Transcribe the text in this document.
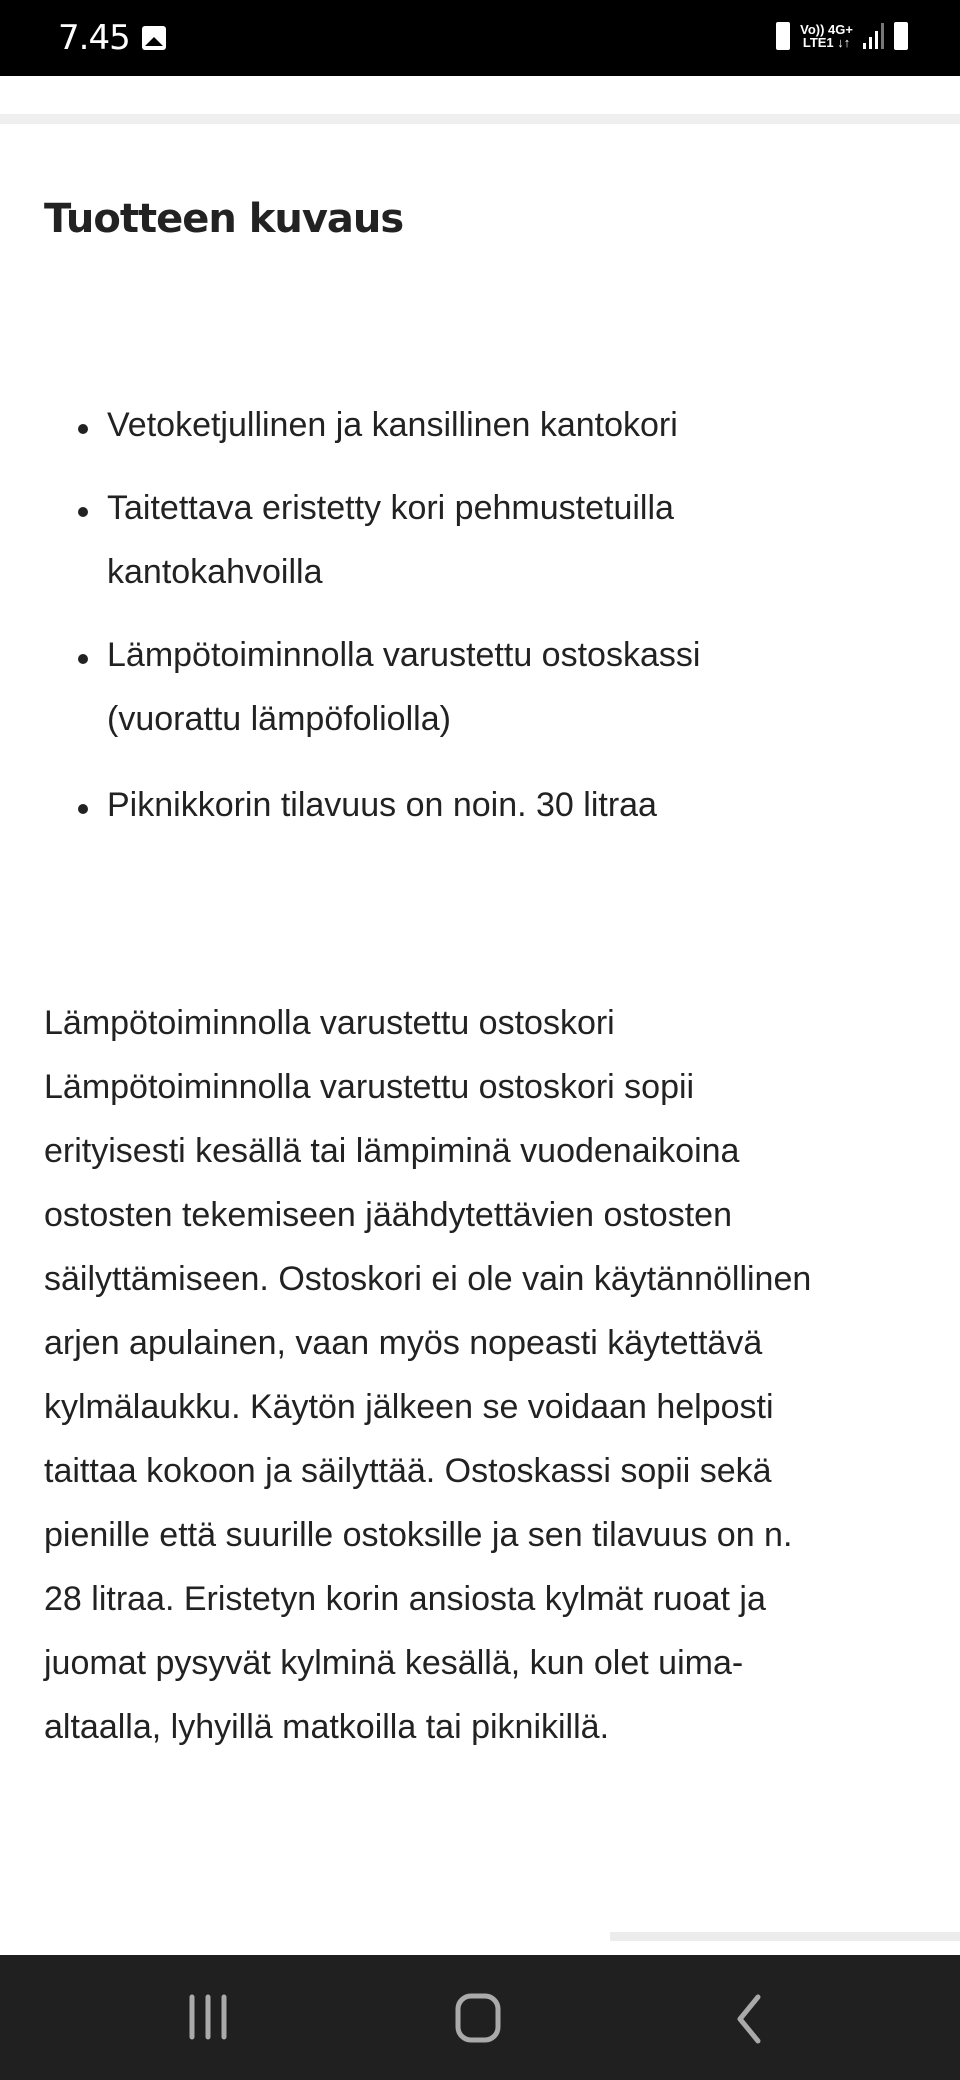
7.45	Vo)) 4G+
LTE1 ↓↑
Tuotteen kuvaus
Vetoketjullinen ja kansillinen kantokori
Taitettava eristetty kori pehmustetuilla
kantokahvoilla
Lämpötoiminnolla varustettu ostoskassi
(vuorattu lämpöfoliolla)
Piknikkorin tilavuus on noin. 30 litraa
Lämpötoiminnolla varustettu ostoskori
Lämpötoiminnolla varustettu ostoskori sopii
erityisesti kesällä tai lämpiminä vuodenaikoina
ostosten tekemiseen jäähdytettävien ostosten
säilyttämiseen. Ostoskori ei ole vain käytännöllinen
arjen apulainen, vaan myös nopeasti käytettävä
kylmälaukku. Käytön jälkeen se voidaan helposti
taittaa kokoon ja säilyttää. Ostoskassi sopii sekä
pienille että suurille ostoksille ja sen tilavuus on n.
28 litraa. Eristetyn korin ansiosta kylmät ruoat ja
juomat pysyvät kylminä kesällä, kun olet uima-
altaalla, lyhyillä matkoilla tai piknikillä.
